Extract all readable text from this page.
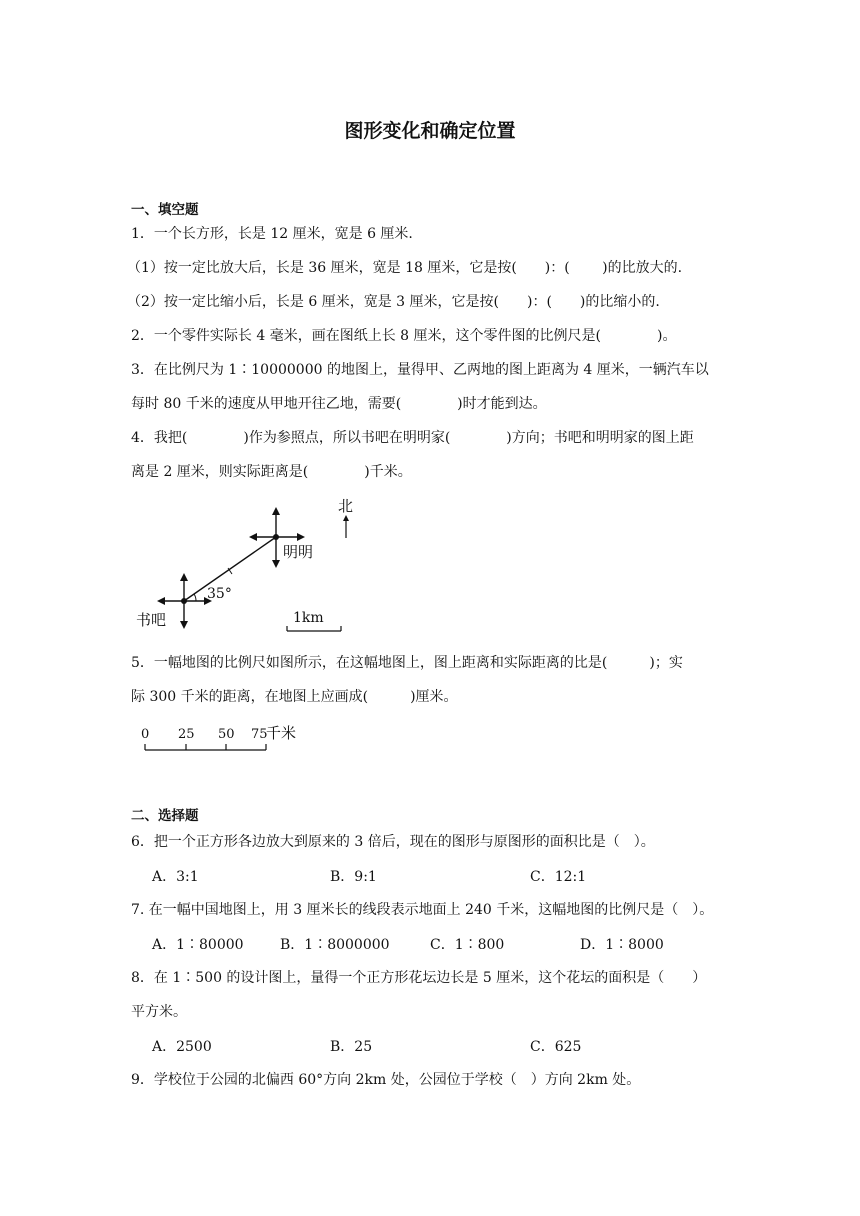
图形变化和确定位置
一、填空题
1．一个长方形，长是 12 厘米，宽是 6 厘米.
（1）按一定比放大后，长是 36 厘米，宽是 18 厘米，它是按(　　)：(　　 )的比放大的.
（2）按一定比缩小后，长是 6 厘米，宽是 3 厘米，它是按(　　)：(　　)的比缩小的.
2．一个零件实际长 4 毫米，画在图纸上长 8 厘米，这个零件图的比例尺是(　　　　)。
3．在比例尺为 1∶10000000 的地图上，量得甲、乙两地的图上距离为 4 厘米，一辆汽车以
每时 80 千米的速度从甲地开往乙地，需要(　　　　)时才能到达。
4．我把(　　　　)作为参照点，所以书吧在明明家(　　　　)方向；书吧和明明家的图上距
离是 2 厘米，则实际距离是(　　　　)千米。
北
明明
35°
书吧	1km
5．一幅地图的比例尺如图所示，在这幅地图上，图上距离和实际距离的比是(　　　)；实
际 300 千米的距离，在地图上应画成(　　　)厘米。
0 25 50 75
千米
二、选择题
6．把一个正方形各边放大到原来的 3 倍后，现在的图形与原图形的面积比是（　）。
A．3:1	B．9:1	C．12:1
7. 在一幅中国地图上，用 3 厘米长的线段表示地面上 240 千米，这幅地图的比例尺是（　）。
A．1∶80000	B．1∶8000000	C．1∶800	D．1∶8000
8．在 1∶500 的设计图上，量得一个正方形花坛边长是 5 厘米，这个花坛的面积是（　　）
平方米。
A．2500	B．25	C．625
9．学校位于公园的北偏西 60°方向 2km 处，公园位于学校（　）方向 2km 处。
